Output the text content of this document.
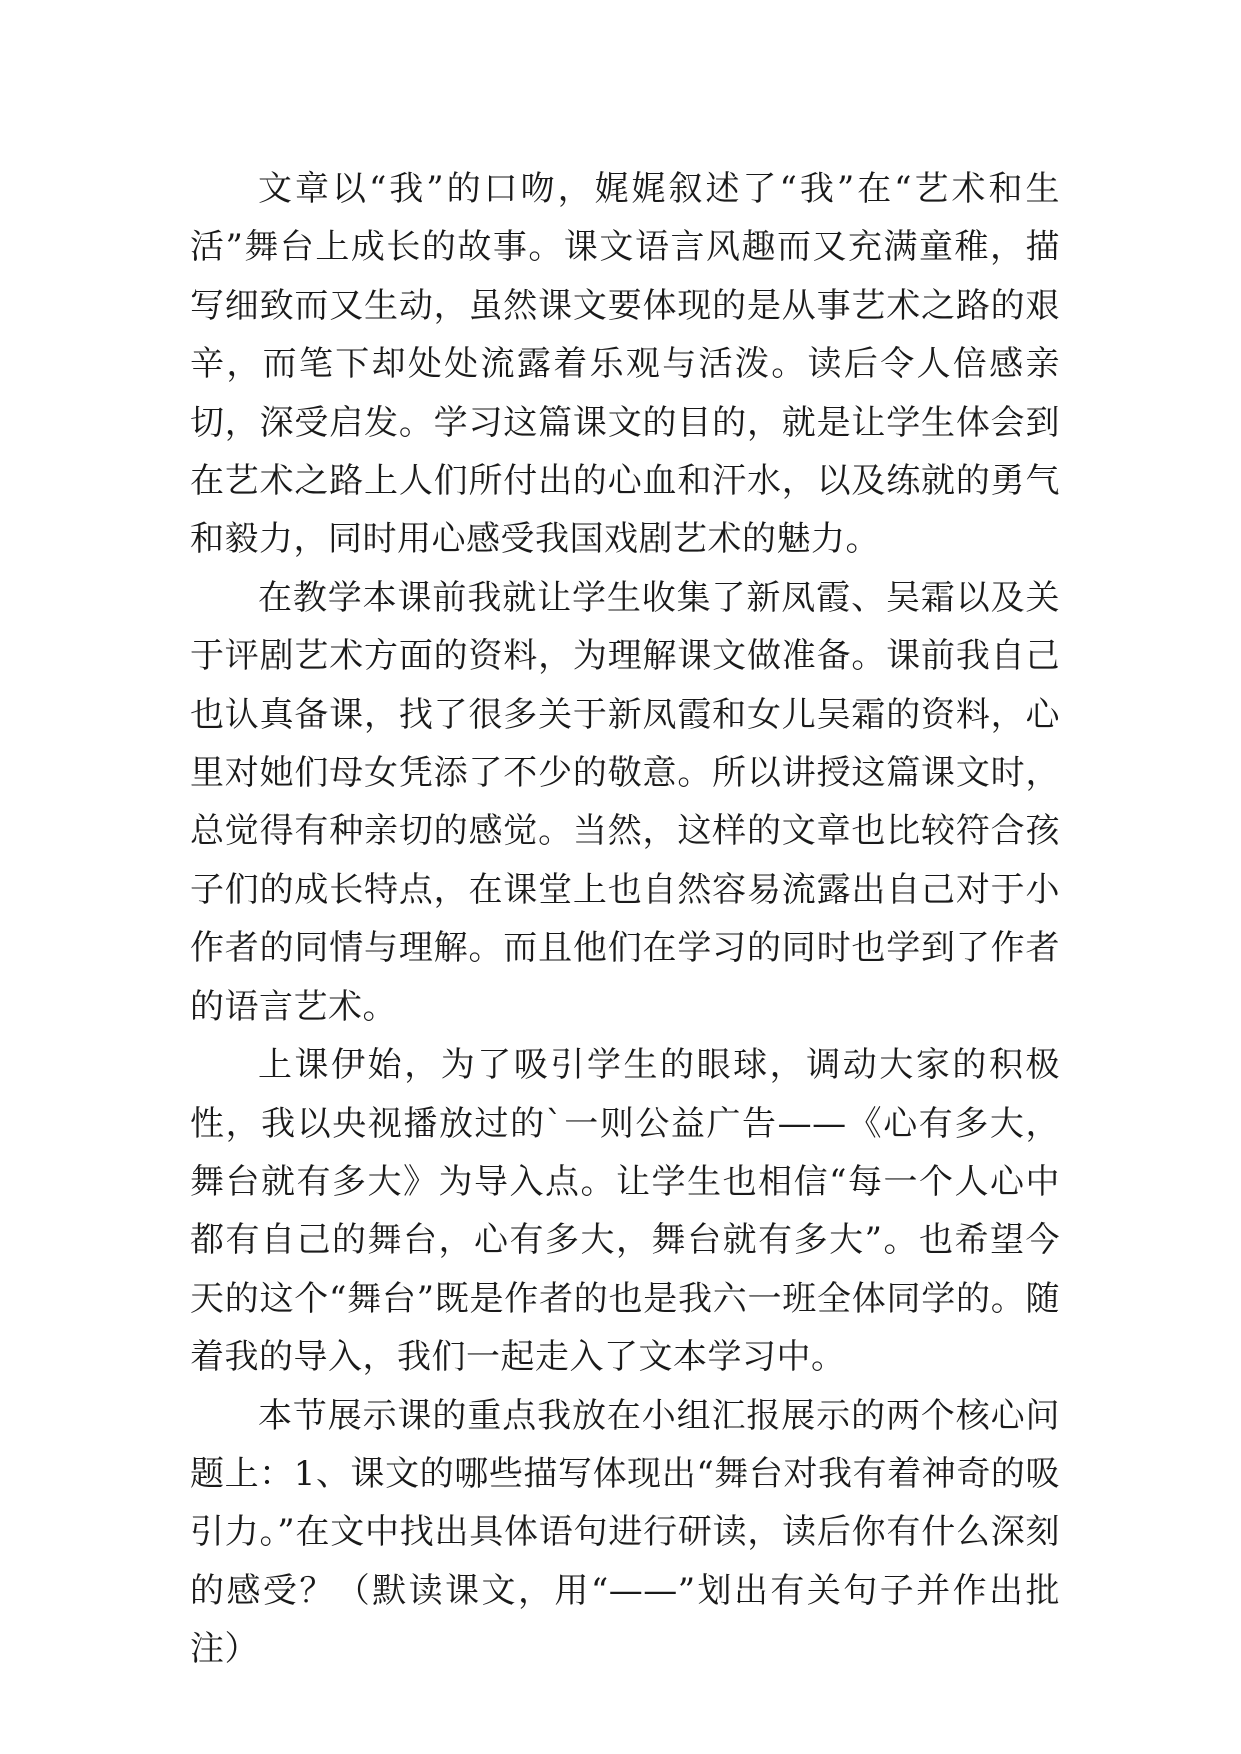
文章以“我”的口吻，娓娓叙述了“我”在“艺术和生活”舞台上成长的故事。课文语言风趣而又充满童稚，描写细致而又生动，虽然课文要体现的是从事艺术之路的艰辛，而笔下却处处流露着乐观与活泼。读后令人倍感亲切，深受启发。学习这篇课文的目的，就是让学生体会到在艺术之路上人们所付出的心血和汗水，以及练就的勇气和毅力，同时用心感受我国戏剧艺术的魅力。

在教学本课前我就让学生收集了新凤霞、吴霜以及关于评剧艺术方面的资料，为理解课文做准备。课前我自己也认真备课，找了很多关于新凤霞和女儿吴霜的资料，心里对她们母女凭添了不少的敬意。所以讲授这篇课文时，总觉得有种亲切的感觉。当然，这样的文章也比较符合孩子们的成长特点，在课堂上也自然容易流露出自己对于小作者的同情与理解。而且他们在学习的同时也学到了作者的语言艺术。

上课伊始，为了吸引学生的眼球，调动大家的积极性，我以央视播放过的`一则公益广告——《心有多大，舞台就有多大》为导入点。让学生也相信“每一个人心中都有自己的舞台，心有多大，舞台就有多大”。也希望今天的这个“舞台”既是作者的也是我六一班全体同学的。随着我的导入，我们一起走入了文本学习中。

本节展示课的重点我放在小组汇报展示的两个核心问题上：1、课文的哪些描写体现出“舞台对我有着神奇的吸引力。”在文中找出具体语句进行研读，读后你有什么深刻的感受？（默读课文，用“——”划出有关句子并作出批注）
